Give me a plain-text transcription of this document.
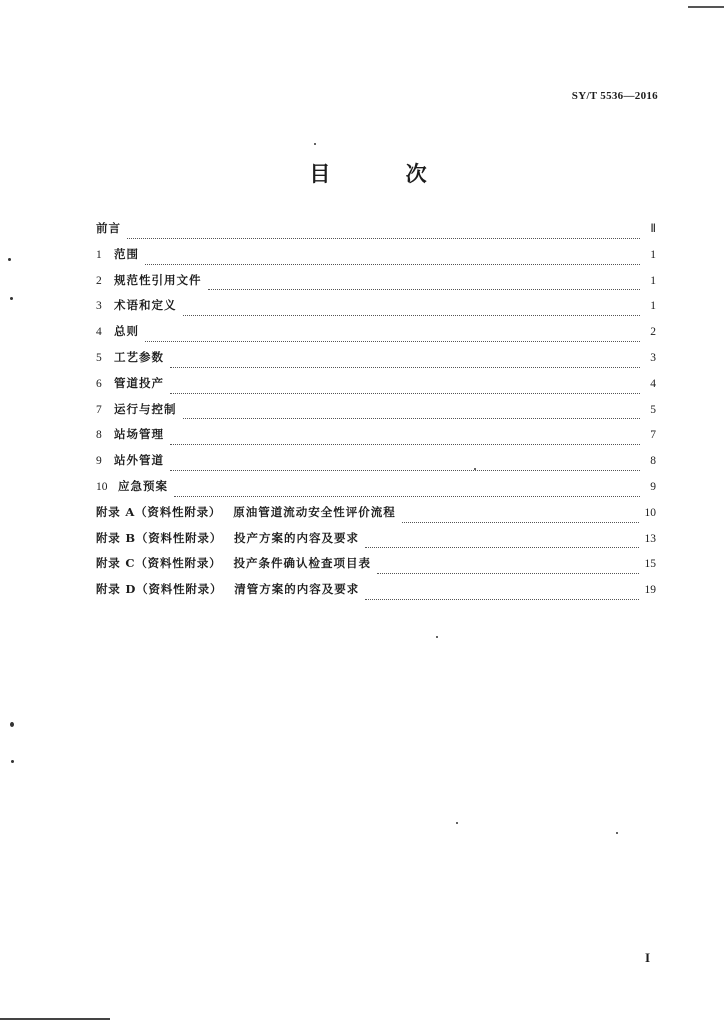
SY/T 5536—2016
目 次
前言	Ⅱ
1	范围	1
2	规范性引用文件	1
3	术语和定义	1
4	总则	2
5	工艺参数	3
6	管道投产	4
7	运行与控制	5
8	站场管理	7
9	站外管道	8
10 应急预案	9
附录 A（资料性附录） 原油管道流动安全性评价流程	10
附录 B（资料性附录） 投产方案的内容及要求	13
附录 C（资料性附录） 投产条件确认检查项目表	15
附录 D（资料性附录） 清管方案的内容及要求	19
I
